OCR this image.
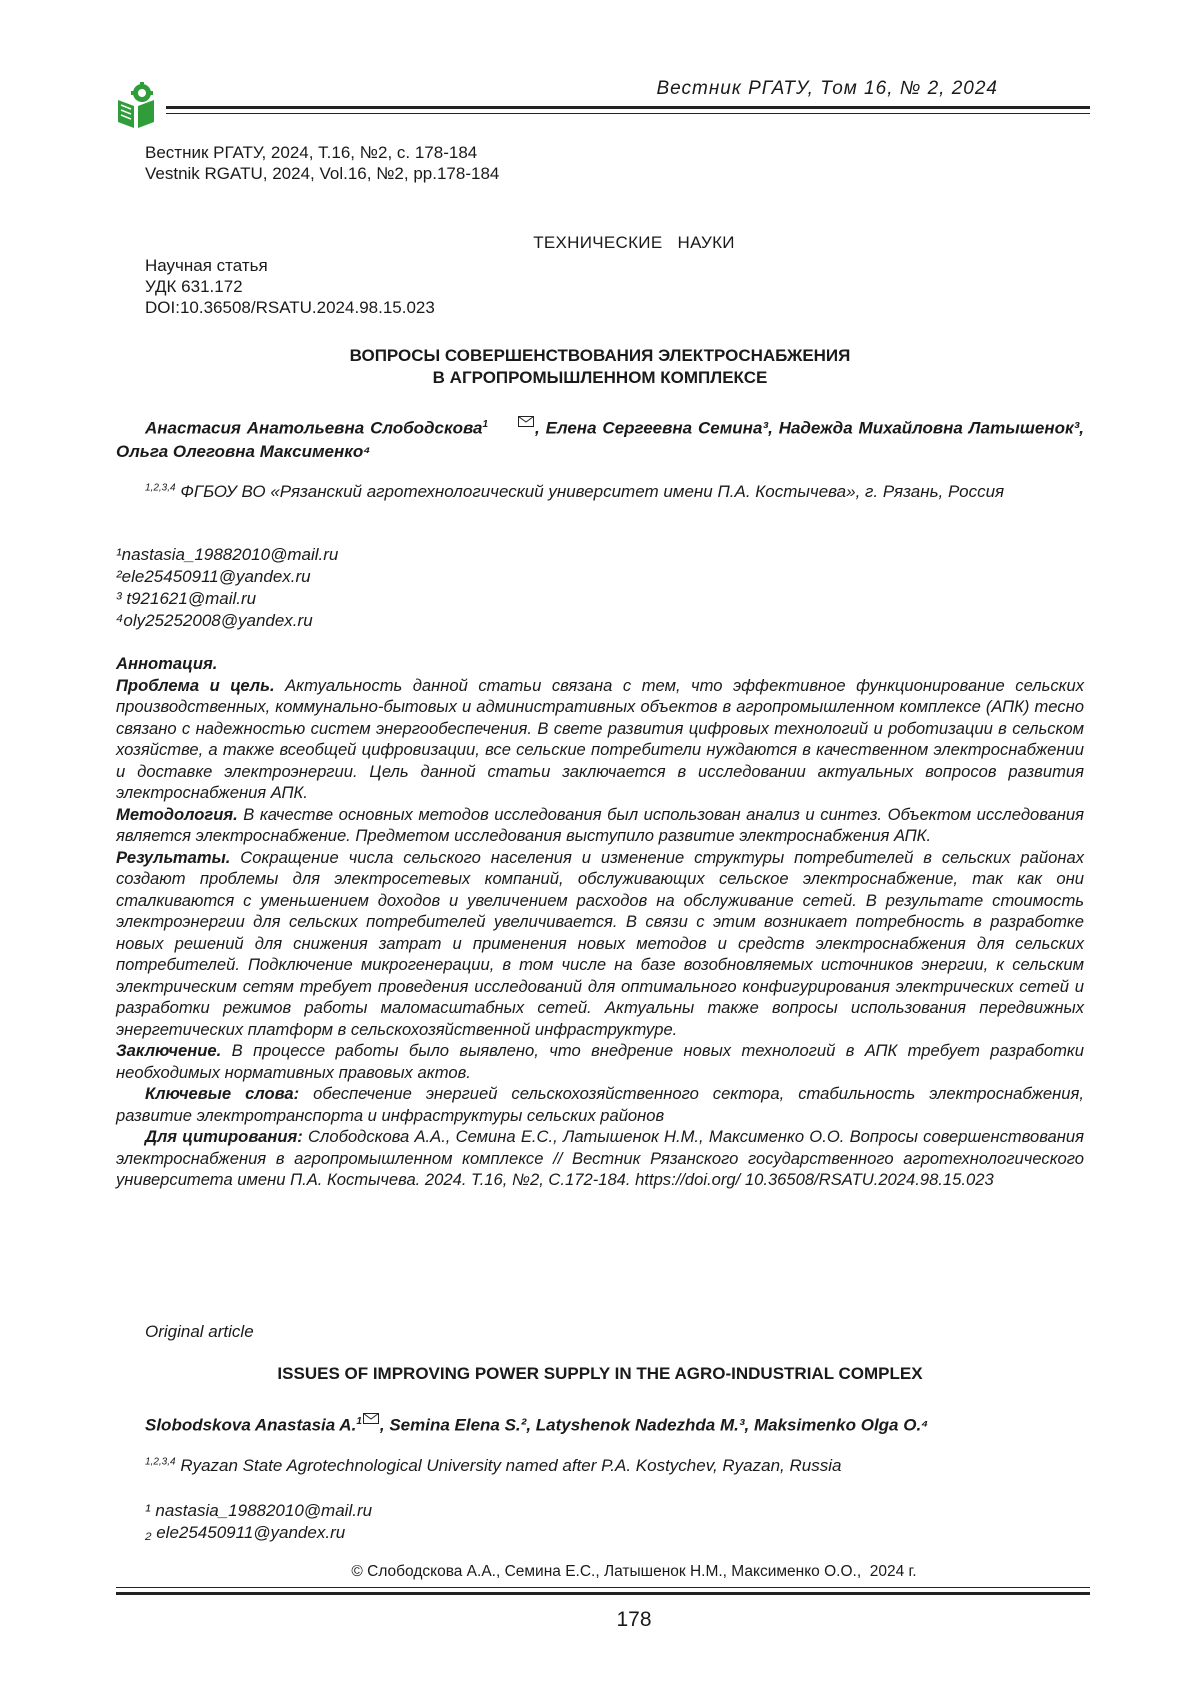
Вестник РГАТУ, Том 16, № 2, 2024
Вестник РГАТУ, 2024, Т.16, №2, с. 178-184
Vestnik RGATU, 2024, Vol.16, №2, pp.178-184
ТЕХНИЧЕСКИЕ   НАУКИ
Научная статья
УДК 631.172
DOI:10.36508/RSATU.2024.98.15.023
ВОПРОСЫ СОВЕРШЕНСТВОВАНИЯ ЭЛЕКТРОСНАБЖЕНИЯ
В АГРОПРОМЫШЛЕННОМ КОМПЛЕКСЕ
Анастасия Анатольевна Слободскова$^1$	, Елена Сергеевна Семина³, Надежда Михайловна Латышенок³, Ольга Олеговна Максименко⁴
$^{1,2,3,4}$ ФГБОУ ВО «Рязанский агротехнологический университет имени П.А. Костычева», г. Рязань, Россия
¹nastasia_19882010@mail.ru
²ele25450911@yandex.ru
³ t921621@mail.ru
⁴oly25252008@yandex.ru

Аннотация.

Проблема и цель. Актуальность данной статьи связана с тем, что эффективное функционирование сельских производственных, коммунально-бытовых и административных объектов в агропромышленном комплексе (АПК) тесно связано с надежностью систем энергообеспечения. В свете развития цифровых технологий и роботизации в сельском хозяйстве, а также всеобщей цифровизации, все сельские потребители нуждаются в качественном электроснабжении и доставке электроэнергии. Цель данной статьи заключается в исследовании актуальных вопросов развития электроснабжения АПК.

Методология. В качестве основных методов исследования был использован анализ и синтез. Объектом исследования является электроснабжение. Предметом исследования выступило развитие электроснабжения АПК.

Результаты. Сокращение числа сельского населения и изменение структуры потребителей в сельских районах создают проблемы для электросетевых компаний, обслуживающих сельское электроснабжение, так как они сталкиваются с уменьшением доходов и увеличением расходов на обслуживание сетей. В результате стоимость электроэнергии для сельских потребителей увеличивается. В связи с этим возникает потребность в разработке новых решений для снижения затрат и применения новых методов и средств электроснабжения для сельских потребителей. Подключение микрогенерации, в том числе на базе возобновляемых источников энергии, к сельским электрическим сетям требует проведения исследований для оптимального конфигурирования электрических сетей и разработки режимов работы маломасштабных сетей. Актуальны также вопросы использования передвижных энергетических платформ в сельскохозяйственной инфраструктуре.

Заключение. В процессе работы было выявлено, что внедрение новых технологий в АПК требует разработки необходимых нормативных правовых актов.

Ключевые слова: обеспечение энергией сельскохозяйственного сектора, стабильность электроснабжения, развитие электротранспорта и инфраструктуры сельских районов

Для цитирования: Слободскова А.А., Семина Е.С., Латышенок Н.М., Максименко О.О. Вопросы совершенствования электроснабжения в агропромышленном комплексе // Вестник Рязанского государственного агротехнологического университета имени П.А. Костычева. 2024. Т.16, №2, С.172-184. https://doi.org/ 10.36508/RSATU.2024.98.15.023

Original article
ISSUES OF IMPROVING POWER SUPPLY IN THE AGRO-INDUSTRIAL COMPLEX
Slobodskova Anastasia A.$^1$ , Semina Elena S.², Latyshenok Nadezhda M.³, Maksimenko Olga O.⁴
$^{1,2,3,4}$ Ryazan State Agrotechnological University named after P.A. Kostychev, Ryazan, Russia
¹ nastasia_19882010@mail.ru
₂ ele25450911@yandex.ru
© Слободскова А.А., Семина Е.С., Латышенок Н.М., Максименко О.О.,  2024 г.
178
